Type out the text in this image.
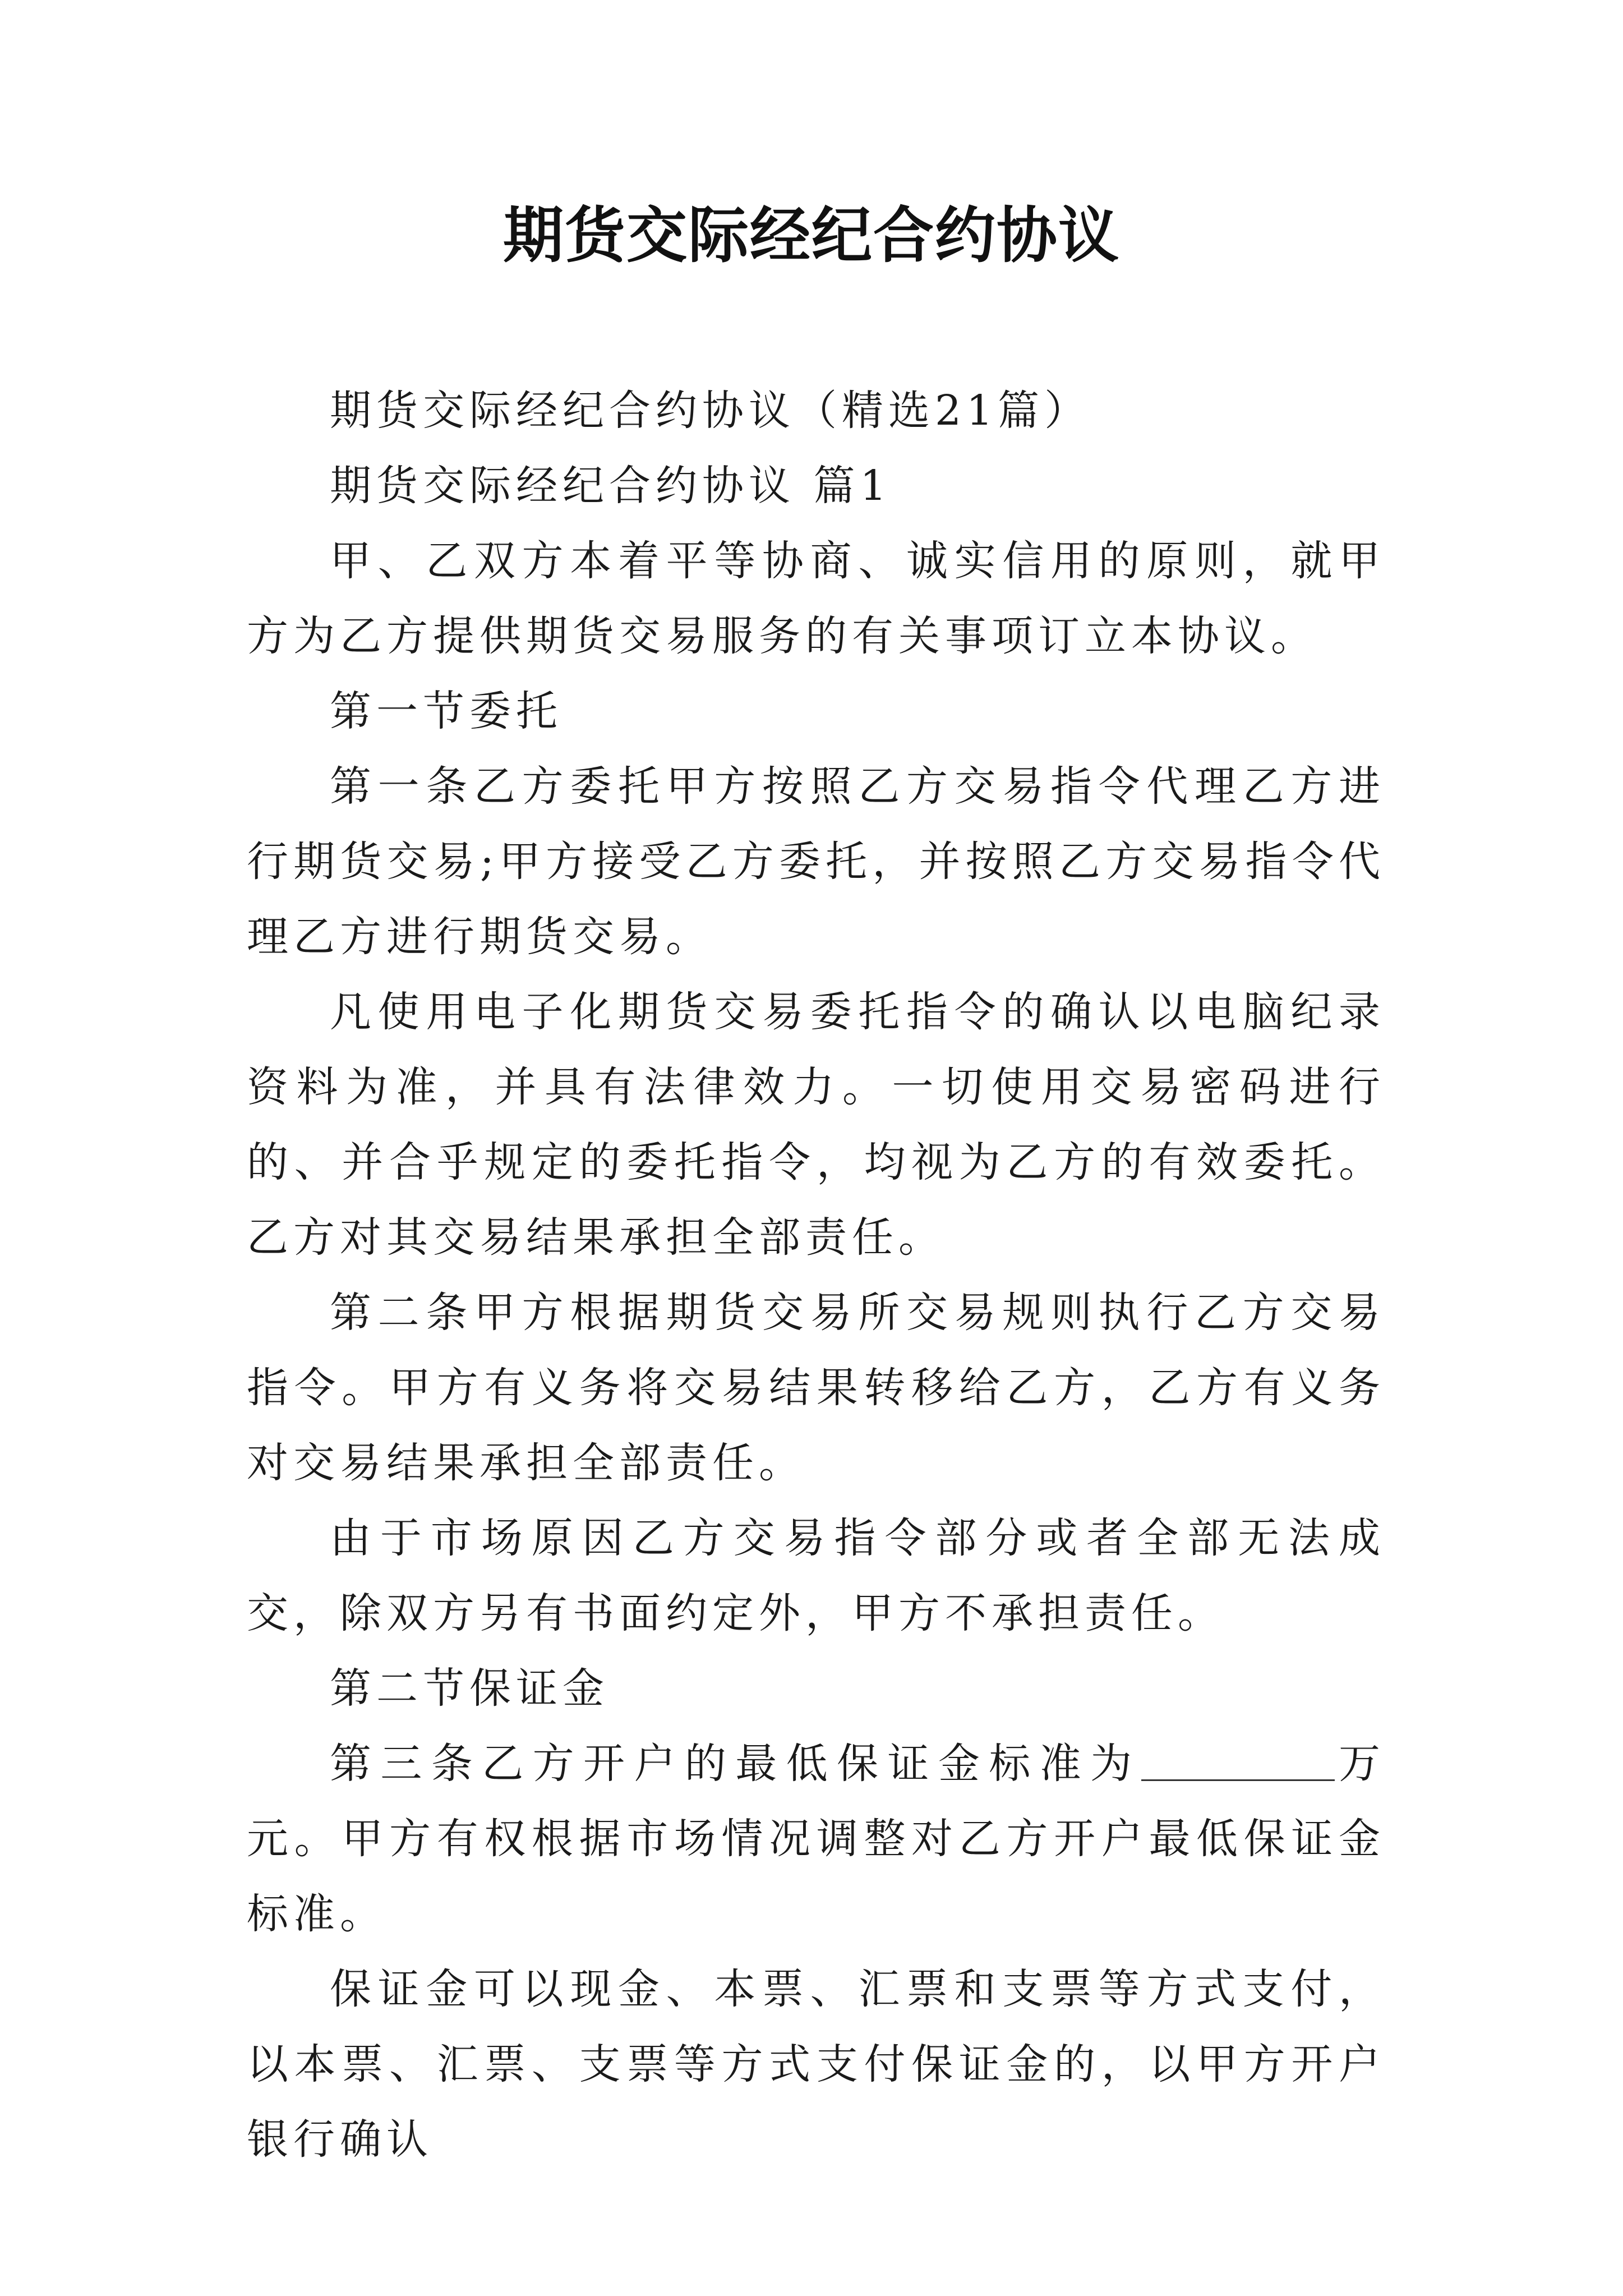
期货交际经纪合约协议

期货交际经纪合约协议（精选21篇）

期货交际经纪合约协议 篇1

甲、乙双方本着平等协商、诚实信用的原则，就甲方为乙方提供期货交易服务的有关事项订立本协议。

第一节委托

第一条乙方委托甲方按照乙方交易指令代理乙方进行期货交易;甲方接受乙方委托，并按照乙方交易指令代理乙方进行期货交易。

凡使用电子化期货交易委托指令的确认以电脑纪录资料为准，并具有法律效力。一切使用交易密码进行的、并合乎规定的委托指令，均视为乙方的有效委托。乙方对其交易结果承担全部责任。

第二条甲方根据期货交易所交易规则执行乙方交易指令。甲方有义务将交易结果转移给乙方，乙方有义务对交易结果承担全部责任。

由于市场原因乙方交易指令部分或者全部无法成交，除双方另有书面约定外，甲方不承担责任。

第二节保证金

第三条乙方开户的最低保证金标准为	万元。甲方有权根据市场情况调整对乙方开户最低保证金标准。

保证金可以现金、本票、汇票和支票等方式支付，以本票、汇票、支票等方式支付保证金的，以甲方开户银行确认
